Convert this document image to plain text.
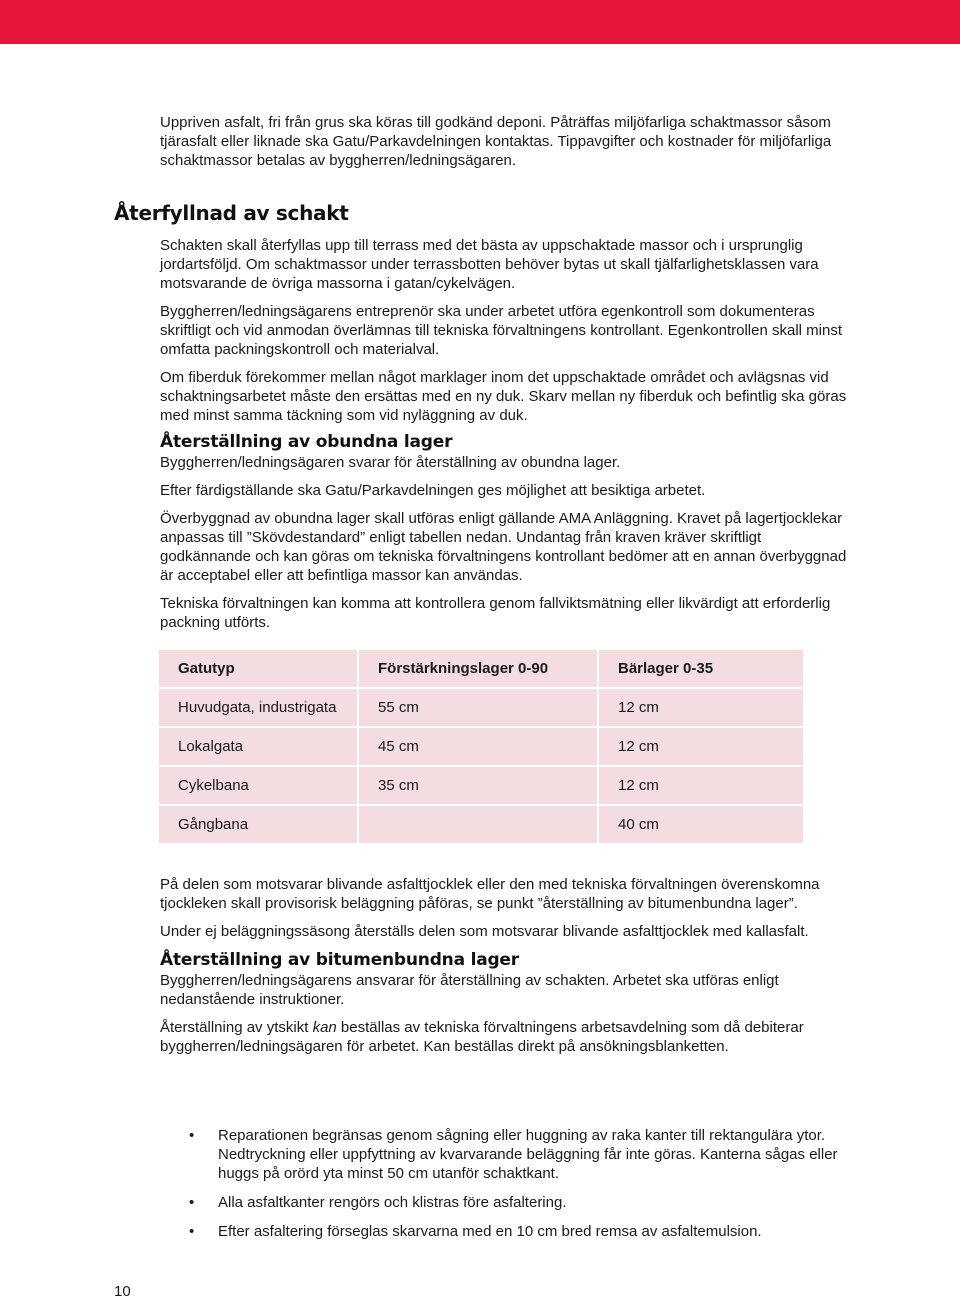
Uppriven asfalt, fri från grus ska köras till godkänd deponi. Påträffas miljöfarliga schaktmassor såsom tjärasfalt eller liknade ska Gatu/Parkavdelningen kontaktas. Tippavgifter och kostnader för miljöfarliga schaktmassor betalas av byggherren/ledningsägaren.

Återfyllnad av schakt

Schakten skall återfyllas upp till terrass med det bästa av uppschaktade massor och i ursprunglig jordartsföljd. Om schaktmassor under terrassbotten behöver bytas ut skall tjälfarlighetsklassen vara motsvarande de övriga massorna i gatan/cykelvägen.

Byggherren/ledningsägarens entreprenör ska under arbetet utföra egenkontroll som dokumenteras skriftligt och vid anmodan överlämnas till tekniska förvaltningens kontrollant. Egenkontrollen skall minst omfatta packningskontroll och materialval.

Om fiberduk förekommer mellan något marklager inom det uppschaktade området och avlägsnas vid schaktningsarbetet måste den ersättas med en ny duk. Skarv mellan ny fiberduk och befintlig ska göras med minst samma täckning som vid nyläggning av duk.

Återställning av obundna lager

Byggherren/ledningsägaren svarar för återställning av obundna lager.

Efter färdigställande ska Gatu/Parkavdelningen ges möjlighet att besiktiga arbetet.

Överbyggnad av obundna lager skall utföras enligt gällande AMA Anläggning. Kravet på lagertjocklekar anpassas till ”Skövdestandard” enligt tabellen nedan. Undantag från kraven kräver skriftligt godkännande och kan göras om tekniska förvaltningens kontrollant bedömer att en annan överbyggnad är acceptabel eller att befintliga massor kan användas.

Tekniska förvaltningen kan komma att kontrollera genom fallviktsmätning eller likvärdigt att erforderlig packning utförts.

Gatutyp	Förstärkningslager 0-90	Bärlager 0-35
Huvudgata, industrigata	55 cm	12 cm
Lokalgata	45 cm	12 cm
Cykelbana	35 cm	12 cm
Gångbana		40 cm

På delen som motsvarar blivande asfalttjocklek eller den med tekniska förvaltningen överenskomna tjockleken skall provisorisk beläggning påföras, se punkt ”återställning av bitumenbundna lager”.

Under ej beläggningssäsong återställs delen som motsvarar blivande asfalttjocklek med kallasfalt.

Återställning av bitumenbundna lager

Byggherren/ledningsägarens ansvarar för återställning av schakten. Arbetet ska utföras enligt nedanstående instruktioner.

Återställning av ytskikt kan beställas av tekniska förvaltningens arbetsavdelning som då debiterar byggherren/ledningsägaren för arbetet. Kan beställas direkt på ansökningsblanketten.

• Reparationen begränsas genom sågning eller huggning av raka kanter till rektangulära ytor. Nedtryckning eller uppfyttning av kvarvarande beläggning får inte göras. Kanterna sågas eller huggs på orörd yta minst 50 cm utanför schaktkant.
• Alla asfaltkanter rengörs och klistras före asfaltering.
• Efter asfaltering förseglas skarvarna med en 10 cm bred remsa av asfaltemulsion.
10
